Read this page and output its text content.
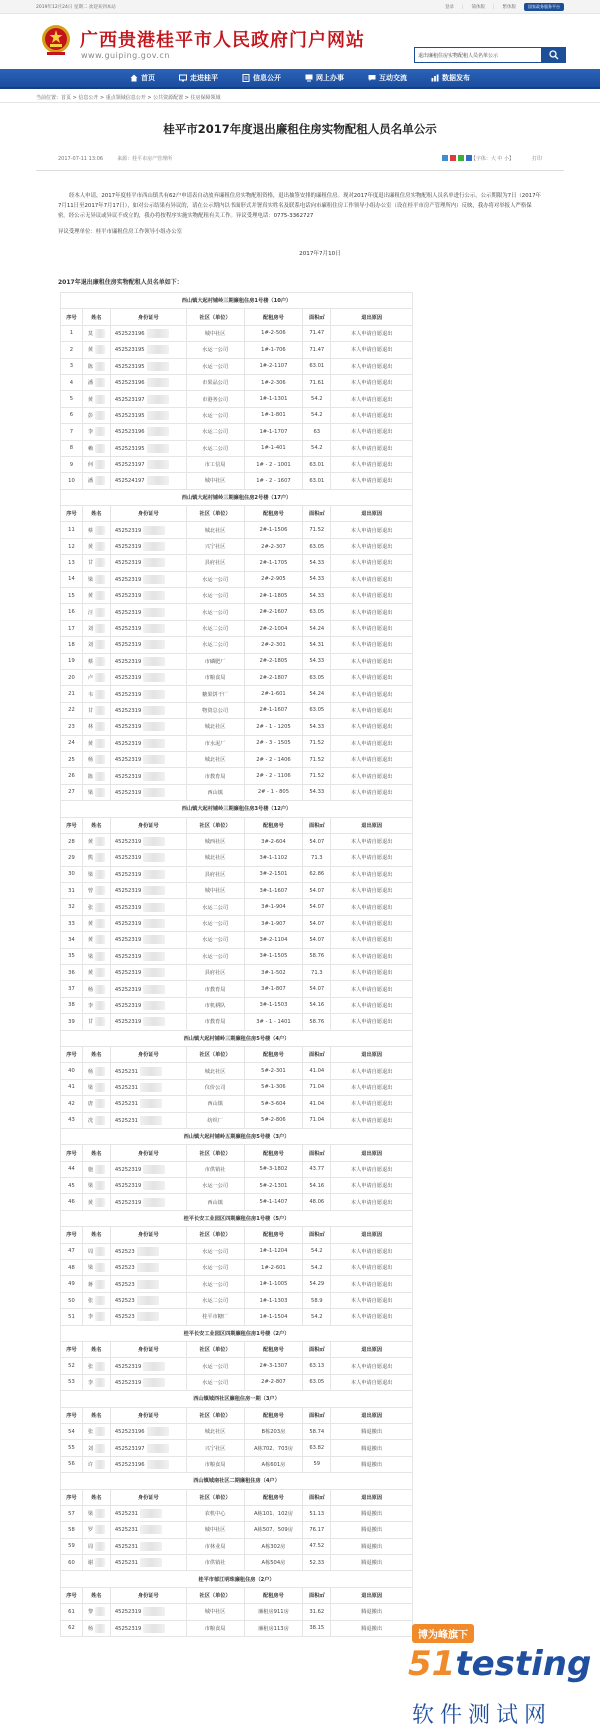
2019年12月24日 星期二 欢迎来到本站	登录 | 简体版 | 繁体版	国家政务服务平台
广西贵港桂平市人民政府门户网站
www.guiping.gov.cn	退出廉租住房实物配租人员名单公示
首页	走进桂平	信息公开	网上办事	互动交流	数据发布
当前位置：首页 > 信息公开 > 重点领域信息公开 > 公共资源配置 > 住房保障领域
桂平市2017年度退出廉租住房实物配租人员名单公示
2017-07-11 13:06	来源：桂平市房产管理所	【字体：大 中 小】	打印

经本人申请，2017年度桂平市西山镇共有62户申请表自动放弃廉租住房实物配租资格，退出抽签安排的廉租住房。现对2017年度退出廉租住房实物配租人员名单进行公示。公示期限为7日（2017年7月11日至2017年7月17日），如对公示结果有异议的，请在公示期内以书面形式并署真实姓名及联系电话向市廉租住房工作领导小组办公室（设在桂平市房产管理所内）反映，我办将对举报人严格保密。经公示无异议或异议不成立的，我办将按程序实施实物配租有关工作。异议受理电话：0775-3362727

异议受理单位：桂平市廉租住房工作领导小组办公室
2017年7月10日
2017年退出廉租住房实物配租人员名单如下：
西山镇大起村铺岭三期廉租住房1号楼（10户）						
序号	姓名	身份证号	社区（单位）	配租房号	面积㎡	退出原因
1	莫	452523196	城中社区	1#-2-506	71.47	本人申请自愿退出
2	黄	452523195	水运一公司	1#-1-706	71.47	本人申请自愿退出
3	陈	452523195	水运一公司	1#-2-1107	63.01	本人申请自愿退出
4	潘	452523196	市果品公司	1#-2-306	71.61	本人申请自愿退出
5	黄	452523197	市港务公司	1#-1-1301	54.2	本人申请自愿退出
6	彭	452523195	水运一公司	1#-1-801	54.2	本人申请自愿退出
7	李	452523196	水运二公司	1#-1-1707	63	本人申请自愿退出
8	赖	452523195	水运二公司	1#-1-401	54.2	本人申请自愿退出
9	何	452523197	市工信局	1# - 2 - 1001	63.01	本人申请自愿退出
10	潘	452524197	城中社区	1# - 2 - 1607	63.01	本人申请自愿退出
西山镇大起村铺岭三期廉租住房2号楼（17户）						
序号	姓名	身份证号	社区（单位）	配租房号	面积㎡	退出原因
11	蔡	45252319	城北社区	2#-1-1506	71.52	本人申请自愿退出
12	黄	45252319	兴宁社区	2#-2-307	63.05	本人申请自愿退出
13	甘	45252319	县府社区	2#-1-1705	54.33	本人申请自愿退出
14	梁	45252319	水运一公司	2#-2-905	54.33	本人申请自愿退出
15	黄	45252319	水运一公司	2#-1-1805	54.33	本人申请自愿退出
16	汪	45252319	水运一公司	2#-2-1607	63.05	本人申请自愿退出
17	刘	45252319	水运二公司	2#-2-1004	54.24	本人申请自愿退出
18	刘	45252319	水运二公司	2#-2-301	54.31	本人申请自愿退出
19	蔡	45252319	市磷肥厂	2#-2-1805	54.33	本人申请自愿退出
20	卢	45252319	市粮食局	2#-2-1807	63.05	本人申请自愿退出
21	韦	45252319	糖果饼干厂	2#-1-601	54.24	本人申请自愿退出
22	甘	45252319	物资总公司	2#-1-1607	63.05	本人申请自愿退出
23	林	45252319	城北社区	2# - 1 - 1205	54.33	本人申请自愿退出
24	黄	45252319	市水泥厂	2# - 3 - 1505	71.52	本人申请自愿退出
25	杨	45252319	城北社区	2# - 2 - 1406	71.52	本人申请自愿退出
26	陈	45252319	市教育局	2# - 2 - 1106	71.52	本人申请自愿退出
27	梁	45252319	西山镇	2# - 1 - 805	54.33	本人申请自愿退出
西山镇大起村铺岭三期廉租住房3号楼（12户）						
序号	姓名	身份证号	社区（单位）	配租房号	面积㎡	退出原因
28	黄	45252319	城西社区	3#-2-604	54.07	本人申请自愿退出
29	熊	45252319	城北社区	3#-1-1102	71.3	本人申请自愿退出
30	梁	45252319	县府社区	3#-2-1501	62.86	本人申请自愿退出
31	曾	45252319	城中社区	3#-1-1607	54.07	本人申请自愿退出
32	张	45252319	水运二公司	3#-1-904	54.07	本人申请自愿退出
33	黄	45252319	水运一公司	3#-1-907	54.07	本人申请自愿退出
34	黄	45252319	水运一公司	3#-2-1104	54.07	本人申请自愿退出
35	梁	45252319	水运一公司	3#-1-1505	58.76	本人申请自愿退出
36	黄	45252319	县府社区	3#-1-502	71.3	本人申请自愿退出
37	杨	45252319	市教育局	3#-1-807	54.07	本人申请自愿退出
38	李	45252319	市机耕队	3#-1-1503	54.16	本人申请自愿退出
39	甘	45252319	市教育局	3# - 1 - 1401	58.76	本人申请自愿退出
西山镇大起村铺岭三期廉租住房5号楼（4户）						
序号	姓名	身份证号	社区（单位）	配租房号	面积㎡	退出原因
40	杨	4525231	城北社区	5#-2-301	41.04	本人申请自愿退出
41	梁	4525231	仪价公司	5#-1-306	71.04	本人申请自愿退出
42	唐	4525231	西山镇	5#-3-604	41.04	本人申请自愿退出
43	冼	4525231	纺织厂	5#-2-806	71.04	本人申请自愿退出
西山镇大起村铺岭五期廉租住房5号楼（3户）						
序号	姓名	身份证号	社区（单位）	配租房号	面积㎡	退出原因
44	施	45252319	市供销社	5#-3-1802	43.77	本人申请自愿退出
45	梁	45252319	水运一公司	5#-2-1301	54.16	本人申请自愿退出
46	黄	45252319	西山镇	5#-1-1407	48.06	本人申请自愿退出
桂平长安工业园区四期廉租住房1号楼（5户）						
序号	姓名	身份证号	社区（单位）	配租房号	面积㎡	退出原因
47	周	452523	水运一公司	1#-1-1204	54.2	本人申请自愿退出
48	梁	452523	水运一公司	1#-2-601	54.2	本人申请自愿退出
49	蒋	452523	水运一公司	1#-1-1005	54.29	本人申请自愿退出
50	张	452523	水运二公司	1#-1-1303	58.9	本人申请自愿退出
51	李	452523	桂平市糖厂	1#-1-1504	54.2	本人申请自愿退出
桂平长安工业园区四期廉租住房1号楼（2户）						
序号	姓名	身份证号	社区（单位）	配租房号	面积㎡	退出原因
52	张	45252319	水运一公司	2#-3-1307	63.13	本人申请自愿退出
53	李	45252319	水运一公司	2#-2-807	63.05	本人申请自愿退出
西山镇城西社区廉租住房一期（3户）						
序号	姓名	身份证号	社区（单位）	配租房号	面积㎡	退出原因
54	张	452523196	城北社区	B栋203房	58.74	腾退搬出
55	刘	452523197	兴宁社区	A栋702、703房	63.82	腾退搬出
56	许	452523196	市粮食局	A栋601房	59	腾退搬出
西山镇城南社区二期廉租住房（4户）						
序号	姓名	身份证号	社区（单位）	配租房号	面积㎡	退出原因
57	梁	4525231	农机中心	A栋101、102房	51.13	腾退搬出
58	罗	4525231	城中社区	A栋507、509房	76.17	腾退搬出
59	周	4525231	市林业局	A栋302房	47.52	腾退搬出
60	谢	4525231	市供销社	A栋504房	52.33	腾退搬出
桂平市郁江明珠廉租住房（2户）						
序号	姓名	身份证号	社区（单位）	配租房号	面积㎡	退出原因
61	黎	45252319	城中社区	廉租房911房	31.62	腾退搬出
62	杨	45252319	市粮食局	廉租房113房	38.15	腾退搬出
博为峰旗下
51testing
软件测试网
